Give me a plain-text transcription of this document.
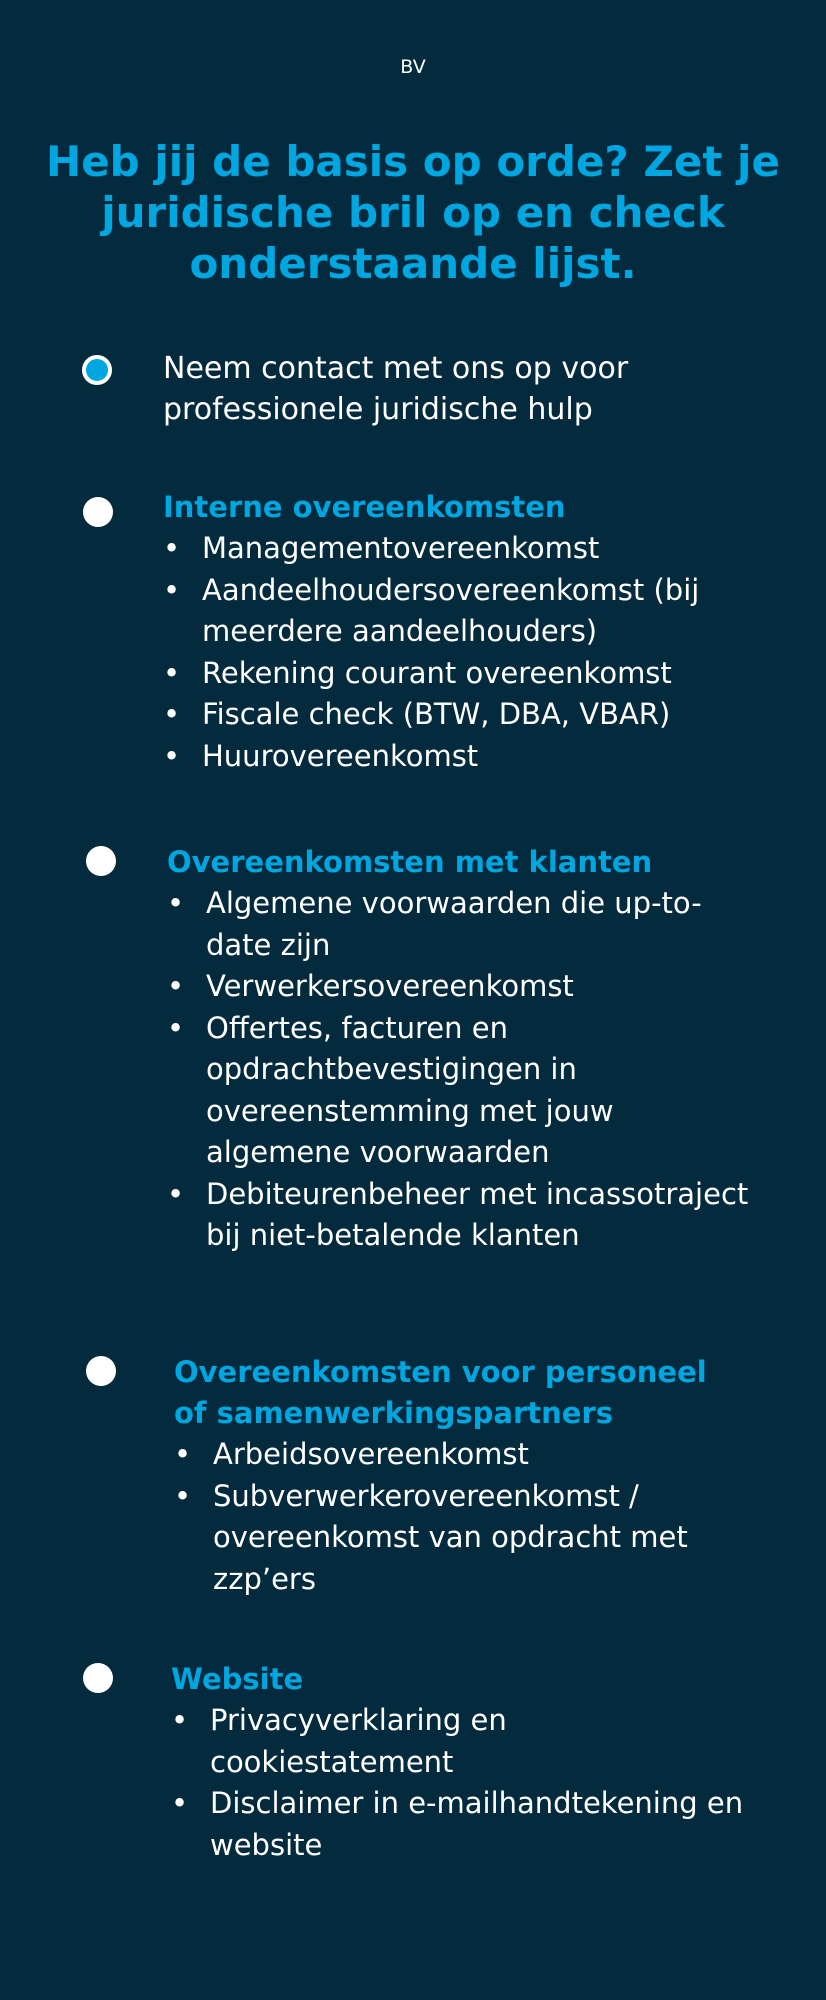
BV
Heb jij de basis op orde? Zet je juridische bril op en check onderstaande lijst.
Neem contact met ons op voor professionele juridische hulp
Interne overeenkomsten
• Managementovereenkomst
• Aandeelhoudersovereenkomst (bij meerdere aandeelhouders)
• Rekening courant overeenkomst
• Fiscale check (BTW, DBA, VBAR)
• Huurovereenkomst
Overeenkomsten met klanten
• Algemene voorwaarden die up-to-date zijn
• Verwerkersovereenkomst
• Offertes, facturen en opdrachtbevestigingen in overeenstemming met jouw algemene voorwaarden
• Debiteurenbeheer met incassotraject bij niet-betalende klanten
Overeenkomsten voor personeel of samenwerkingspartners
• Arbeidsovereenkomst
• Subverwerkerovereenkomst / overeenkomst van opdracht met zzp’ers
Website
• Privacyverklaring en cookiestatement
• Disclaimer in e-mailhandtekening en website
